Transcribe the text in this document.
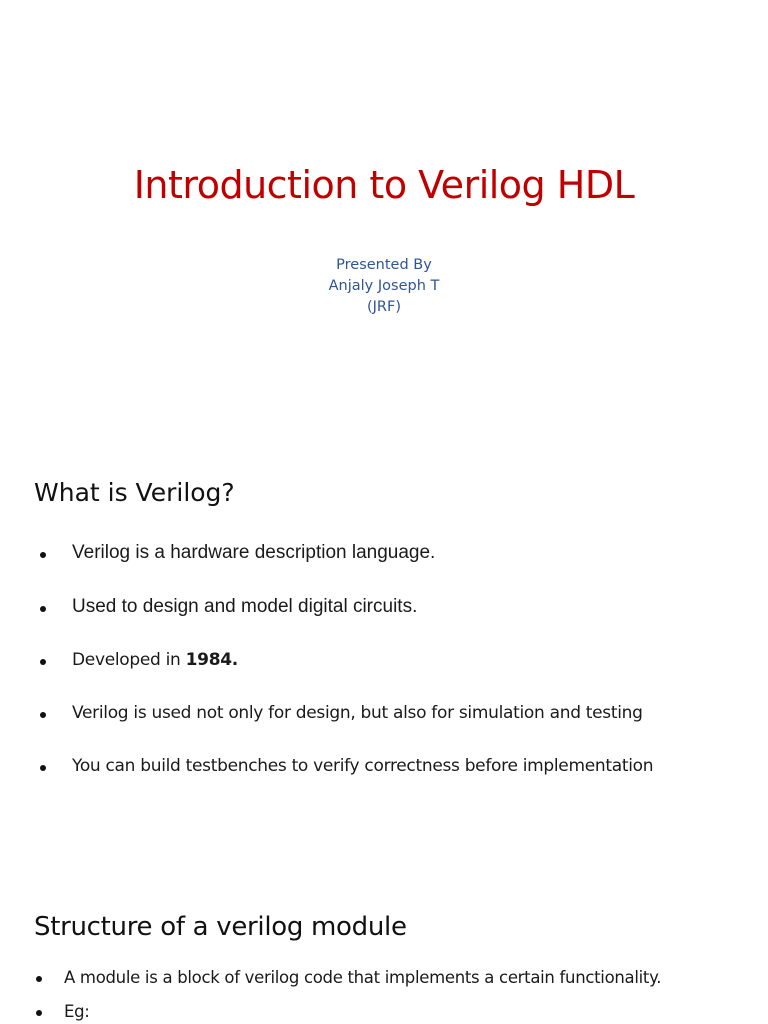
Introduction to Verilog HDL
Presented By
Anjaly Joseph T
(JRF)
What is Verilog?
Verilog is a hardware description language.
Used to design and model digital circuits.
Developed in 1984.
Verilog is used not only for design, but also for simulation and testing
You can build testbenches to verify correctness before implementation
Structure of a verilog module
A module is a block of verilog code that implements a certain functionality.
Eg:
